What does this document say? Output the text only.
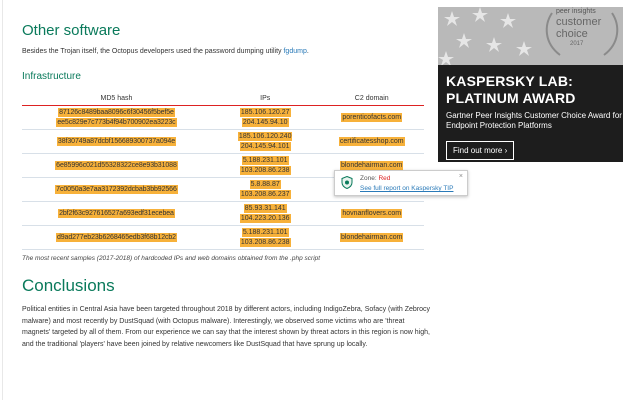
Other software

Besides the Trojan itself, the Octopus developers used the password dumping utility fgdump.

Infrastructure
MD5 hash	IPs	C2 domain

87126c8489baa8096c6f30456f5bef5e
ee5c829e7c773b4f94b700902ea3223c	185.106.120.27
204.145.94.10	porenticofacts.com

38f30749a87dcbf156689300737a094e	185.106.120.240
204.145.94.101	certificatesshop.com

6e85996c021d55328322ce8e93b31088	5.188.231.101
103.208.86.238	blondehairman.com

7c0050a3e7aa3172392dcbab3bb92566	5.8.88.87
103.208.86.237	

2bf2f63c927616527a693edf31ecebea	85.93.31.141
104.223.20.136	hovnanflovers.com

d9ad277eb23b6268465edb3f68b12cb2	5.188.231.101
103.208.86.238	blondehairman.com

The most recent samples (2017-2018) of hardcoded IPs and web domains obtained from the .php script

Conclusions

Political entities in Central Asia have been targeted throughout 2018 by different actors, including IndigoZebra, Sofacy (with Zebrocy malware) and most recently by DustSquad (with Octopus malware). Interestingly, we observed some victims who are 'threat magnets' targeted by all of them. From our experience we can say that the interest shown by threat actors in this region is now high, and the traditional 'players' have been joined by relative newcomers like DustSquad that have sprung up locally.

Zone: Red
See full report on Kaspersky TIP
×
peer insights
customer
choice
2017
KASPERSKY LAB:
PLATINUM AWARD
Gartner Peer Insights Customer Choice Award for Endpoint Protection Platforms
Find out more ›
